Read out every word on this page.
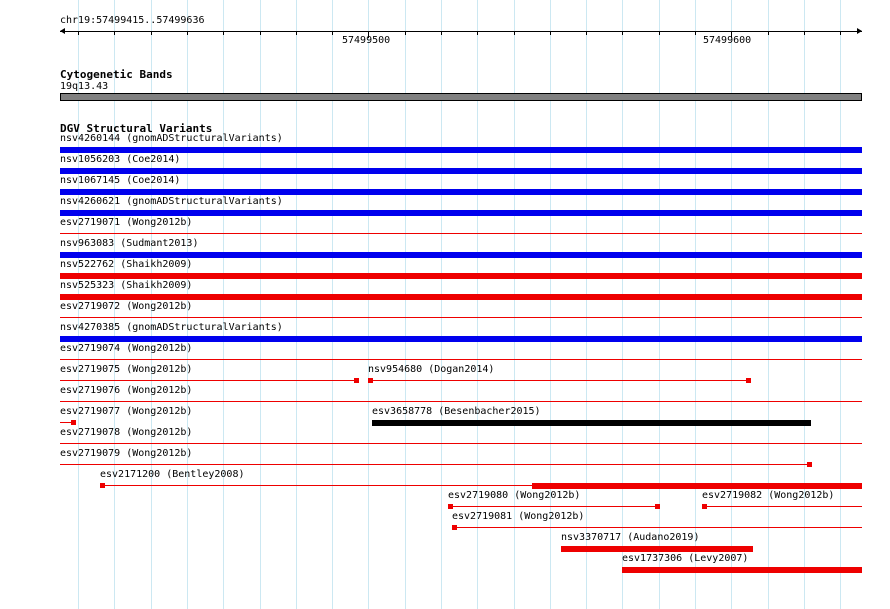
chr19:57499415..57499636
57499500	57499600
Cytogenetic Bands
19q13.43
DGV Structural Variants
nsv4260144 (gnomADStructuralVariants)
nsv1056203 (Coe2014)
nsv1067145 (Coe2014)
nsv4260621 (gnomADStructuralVariants)
esv2719071 (Wong2012b)
nsv963083 (Sudmant2013)
nsv522762 (Shaikh2009)
nsv525323 (Shaikh2009)
esv2719072 (Wong2012b)
nsv4270385 (gnomADStructuralVariants)
esv2719074 (Wong2012b)
esv2719075 (Wong2012b)	nsv954680 (Dogan2014)
esv2719076 (Wong2012b)
esv2719077 (Wong2012b)	esv3658778 (Besenbacher2015)
esv2719078 (Wong2012b)
esv2719079 (Wong2012b)
esv2171200 (Bentley2008)
esv2719080 (Wong2012b)	esv2719082 (Wong2012b)
esv2719081 (Wong2012b)
nsv3370717 (Audano2019)
esv1737306 (Levy2007)
